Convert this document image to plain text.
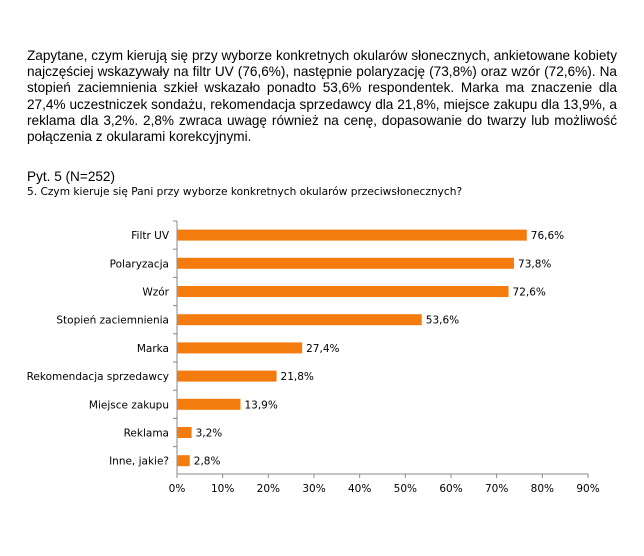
Zapytane, czym kierują się przy wyborze konkretnych okularów słonecznych, ankietowane kobiety najczęściej wskazywały na filtr UV (76,6%), następnie polaryzację (73,8%) oraz wzór (72,6%). Na stopień zaciemnienia szkieł wskazało ponadto 53,6% respondentek. Marka ma znaczenie dla 27,4% uczestniczek sondażu, rekomendacja sprzedawcy dla 21,8%, miejsce zakupu dla 13,9%, a reklama dla 3,2%. 2,8% zwraca uwagę również na cenę, dopasowanie do twarzy lub możliwość połączenia z okularami korekcyjnymi.
Pyt. 5 (N=252)
5. Czym kieruje się Pani przy wyborze konkretnych okularów przeciwsłonecznych?
0% 10% 20% 30% 40% 50% 60% 70% 80% 90%
Filtr UV	76,6%
Polaryzacja	73,8%
Wzór	72,6%
Stopień zaciemnienia	53,6%
Marka	27,4%
Rekomendacja sprzedawcy	21,8%
Miejsce zakupu	13,9%
Reklama	3,2%
Inne, jakie? 2,8%
